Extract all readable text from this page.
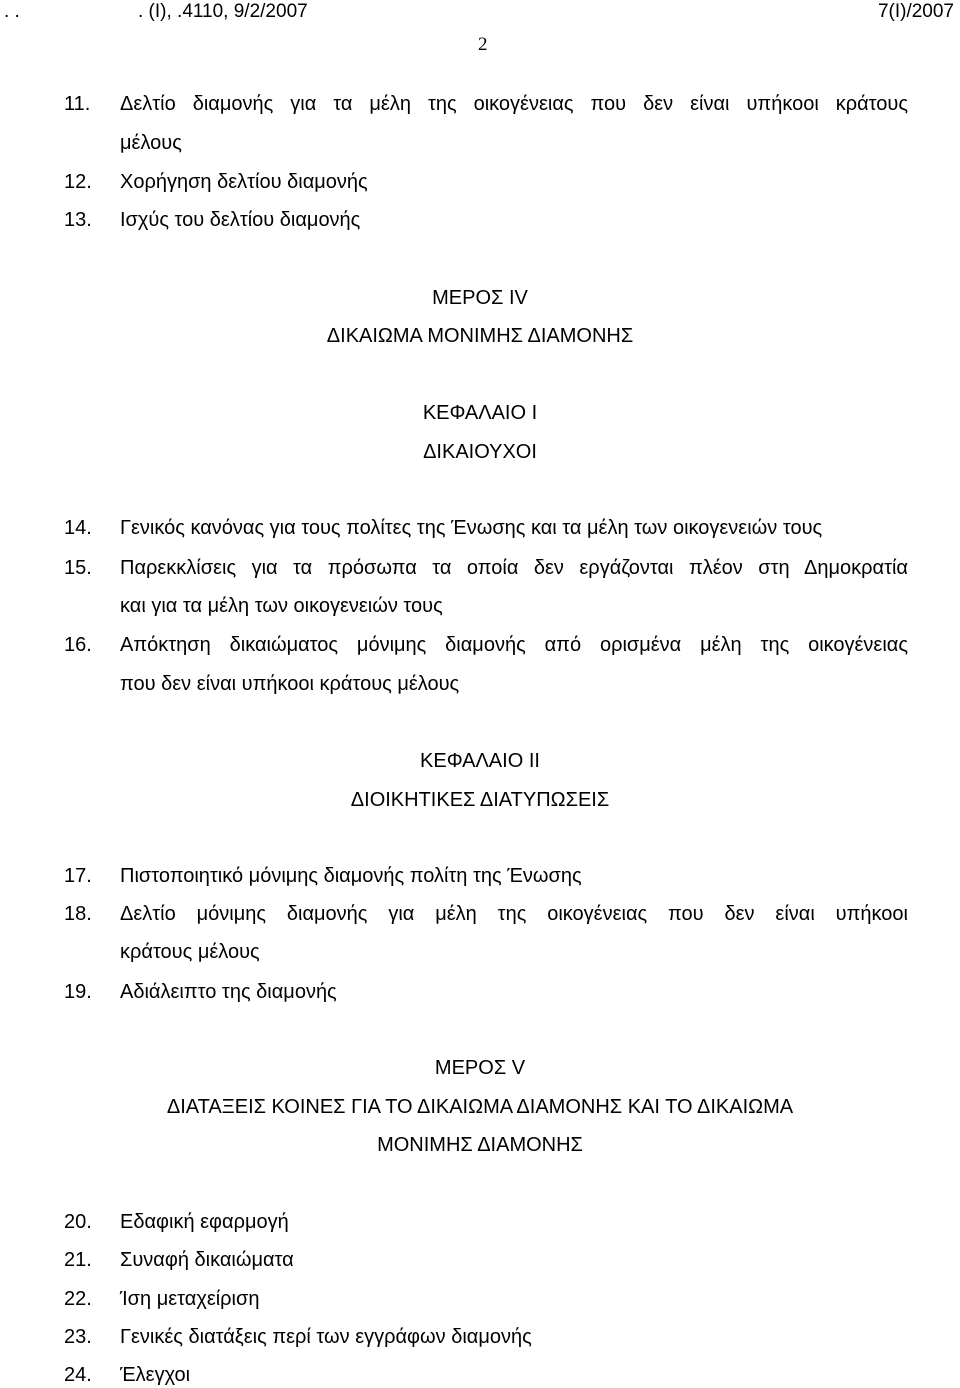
. .	. (I), .4110, 9/2/2007	7(I)/2007
2
11. Δελτίο διαμονής για τα μέλη της οικογένειας που δεν είναι υπήκοοι κράτους
μέλους
12. Χορήγηση δελτίου διαμονής
13. Ισχύς του δελτίου διαμονής
ΜΕΡΟΣ IV
ΔΙΚΑΙΩΜΑ ΜΟΝΙΜΗΣ ΔΙΑΜΟΝΗΣ
ΚΕΦΑΛΑΙΟ Ι
ΔΙΚΑΙΟΥΧΟΙ
14. Γενικός κανόνας για τους πολίτες της Ένωσης και τα μέλη των οικογενειών τους
15. Παρεκκλίσεις για τα πρόσωπα τα οποία δεν εργάζονται πλέον στη Δημοκρατία
και για τα μέλη των οικογενειών τους
16. Απόκτηση δικαιώματος μόνιμης διαμονής από ορισμένα μέλη της οικογένειας
που δεν είναι υπήκοοι κράτους μέλους
ΚΕΦΑΛΑΙΟ ΙΙ
ΔΙΟΙΚΗΤΙΚΕΣ ΔΙΑΤΥΠΩΣΕΙΣ
17. Πιστοποιητικό μόνιμης διαμονής πολίτη της Ένωσης
18. Δελτίο μόνιμης διαμονής για μέλη της οικογένειας που δεν είναι υπήκοοι
κράτους μέλους
19. Αδιάλειπτο της διαμονής
ΜΕΡΟΣ V
ΔΙΑΤΑΞΕΙΣ ΚΟΙΝΕΣ ΓΙΑ ΤΟ ΔΙΚΑΙΩΜΑ ΔΙΑΜΟΝΗΣ ΚΑΙ ΤΟ ΔΙΚΑΙΩΜΑ
ΜΟΝΙΜΗΣ ΔΙΑΜΟΝΗΣ
20. Εδαφική εφαρμογή
21. Συναφή δικαιώματα
22. Ίση μεταχείριση
23. Γενικές διατάξεις περί των εγγράφων διαμονής
24. Έλεγχοι
